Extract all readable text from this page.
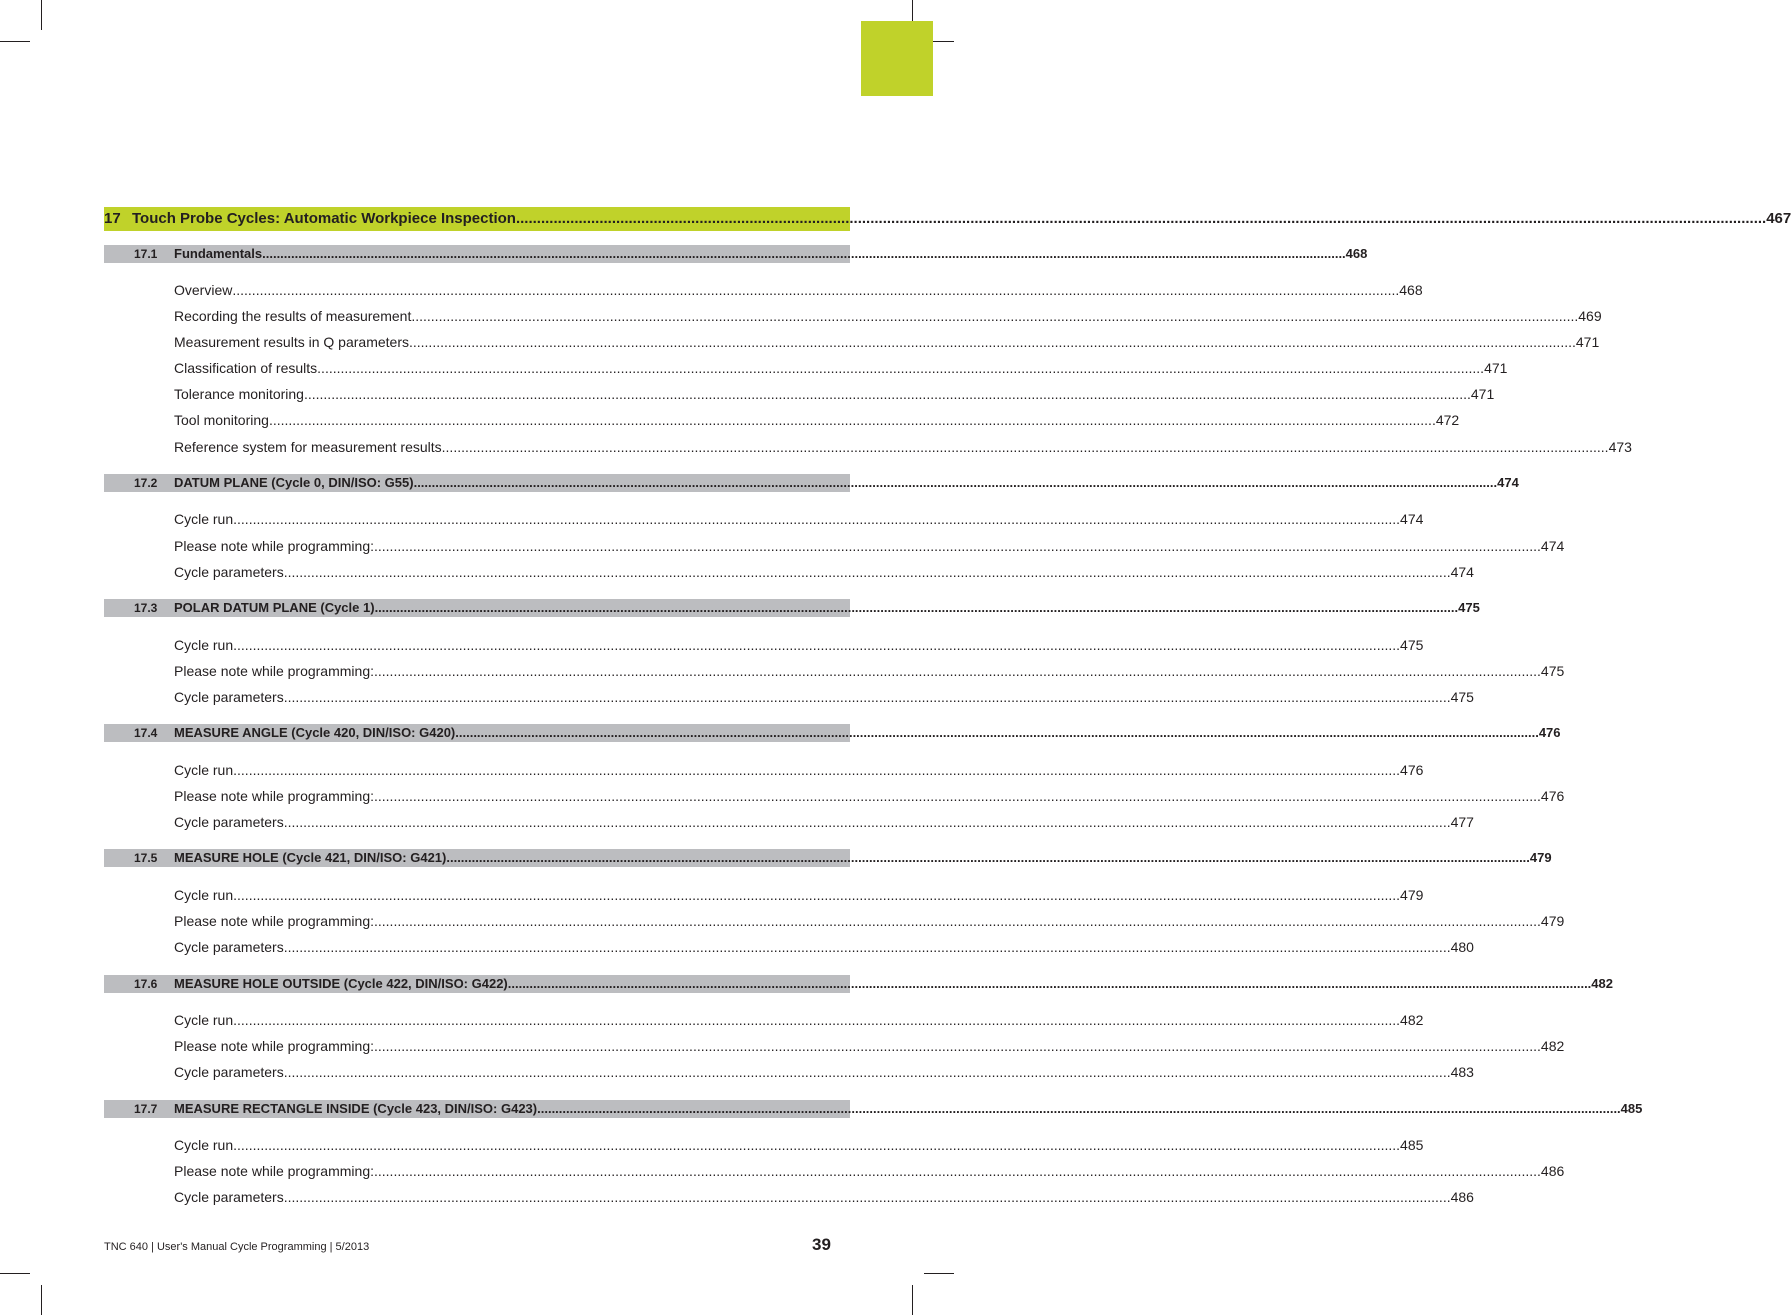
17 Touch Probe Cycles: Automatic Workpiece Inspection ............................................................................................................................................................................................................................................................................................................ 467
17.1	Fundamentals ............................................................................................................................................................................................................................................................................................................ 468
Overview ............................................................................................................................................................................................................................................................................................................ 468
Recording the results of measurement ............................................................................................................................................................................................................................................................................................................ 469
Measurement results in Q parameters ............................................................................................................................................................................................................................................................................................................ 471
Classification of results ............................................................................................................................................................................................................................................................................................................ 471
Tolerance monitoring ............................................................................................................................................................................................................................................................................................................ 471
Tool monitoring ............................................................................................................................................................................................................................................................................................................ 472
Reference system for measurement results ............................................................................................................................................................................................................................................................................................................ 473
17.2	DATUM PLANE (Cycle 0, DIN/ISO: G55) ............................................................................................................................................................................................................................................................................................................ 474
Cycle run ............................................................................................................................................................................................................................................................................................................ 474
Please note while programming: ............................................................................................................................................................................................................................................................................................................ 474
Cycle parameters ............................................................................................................................................................................................................................................................................................................ 474
17.3	POLAR DATUM PLANE (Cycle 1) ............................................................................................................................................................................................................................................................................................................ 475
Cycle run ............................................................................................................................................................................................................................................................................................................ 475
Please note while programming: ............................................................................................................................................................................................................................................................................................................ 475
Cycle parameters ............................................................................................................................................................................................................................................................................................................ 475
17.4	MEASURE ANGLE (Cycle 420, DIN/ISO: G420) ............................................................................................................................................................................................................................................................................................................ 476
Cycle run ............................................................................................................................................................................................................................................................................................................ 476
Please note while programming: ............................................................................................................................................................................................................................................................................................................ 476
Cycle parameters ............................................................................................................................................................................................................................................................................................................ 477
17.5	MEASURE HOLE (Cycle 421, DIN/ISO: G421) ............................................................................................................................................................................................................................................................................................................ 479
Cycle run ............................................................................................................................................................................................................................................................................................................ 479
Please note while programming: ............................................................................................................................................................................................................................................................................................................ 479
Cycle parameters ............................................................................................................................................................................................................................................................................................................ 480
17.6	MEASURE HOLE OUTSIDE (Cycle 422, DIN/ISO: G422) ............................................................................................................................................................................................................................................................................................................ 482
Cycle run ............................................................................................................................................................................................................................................................................................................ 482
Please note while programming: ............................................................................................................................................................................................................................................................................................................ 482
Cycle parameters ............................................................................................................................................................................................................................................................................................................ 483
17.7	MEASURE RECTANGLE INSIDE (Cycle 423, DIN/ISO: G423) ............................................................................................................................................................................................................................................................................................................ 485
Cycle run ............................................................................................................................................................................................................................................................................................................ 485
Please note while programming: ............................................................................................................................................................................................................................................................................................................ 486
Cycle parameters ............................................................................................................................................................................................................................................................................................................ 486
TNC 640 | User's Manual Cycle Programming | 5/2013	39
